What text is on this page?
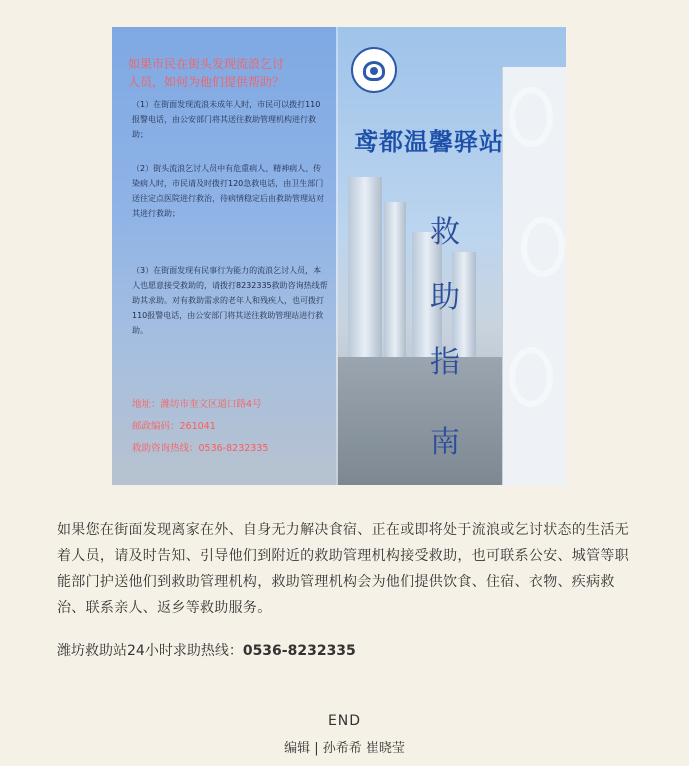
如果市民在街头发现流浪乞讨
人员，如何为他们提供帮助？
（1）在街面发现流浪未成年人时，市民可以拨打110报警电话，由公安部门将其送往救助管理机构进行救助；
（2）街头流浪乞讨人员中有危重病人、精神病人、传染病人时，市民请及时拨打120急救电话，由卫生部门送往定点医院进行救治，待病情稳定后由救助管理站对其进行救助；
（3）在街面发现有民事行为能力的流浪乞讨人员，本人也愿意接受救助的，请拨打8232335救助咨询热线帮助其求助。对有救助需求的老年人和残疾人，也可拨打110报警电话，由公安部门将其送往救助管理站进行救助。
地址：潍坊市奎文区道口路4号
邮政编码：261041
救助咨询热线：0536-8232335
鸢都温馨驿站
救
助
指
南
如果您在街面发现离家在外、自身无力解决食宿、正在或即将处于流浪或乞讨状态的生活无着人员，请及时告知、引导他们到附近的救助管理机构接受救助，也可联系公安、城管等职能部门护送他们到救助管理机构，救助管理机构会为他们提供饮食、住宿、衣物、疾病救治、联系亲人、返乡等救助服务。
潍坊救助站24小时求助热线：0536-8232335
END
编辑 | 孙希希 崔晓莹
